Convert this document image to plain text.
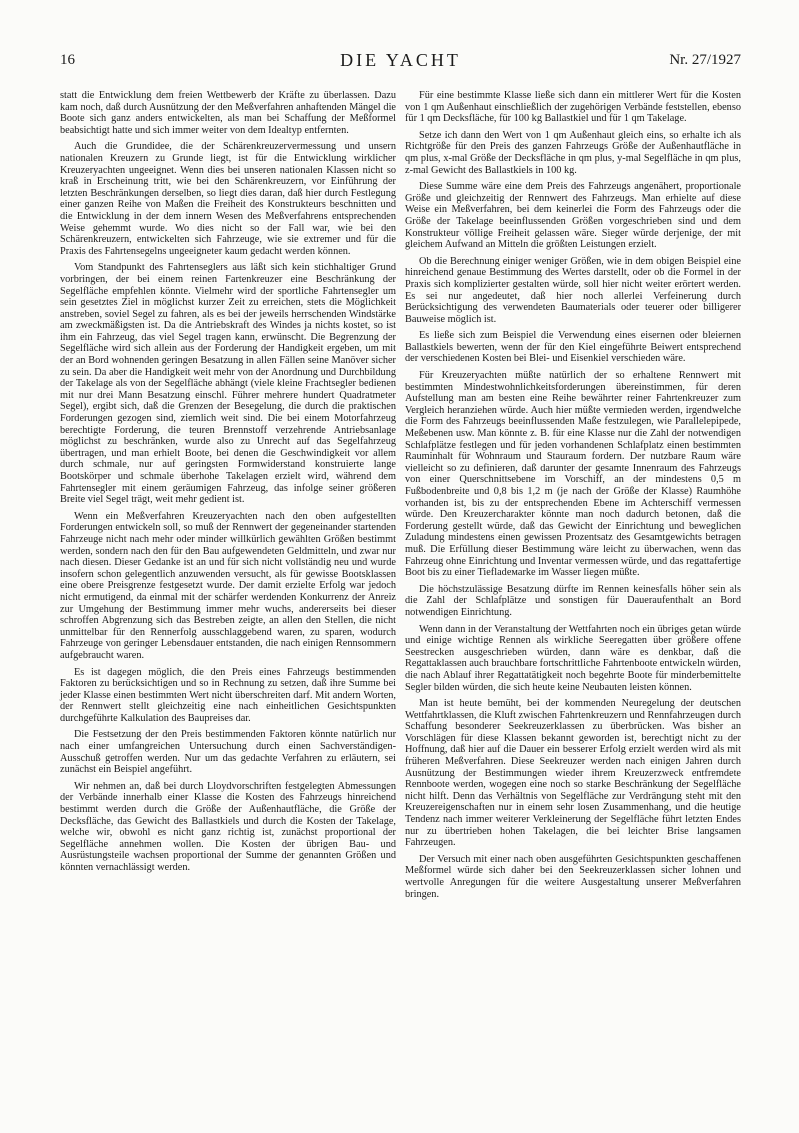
16	DIE YACHT	Nr. 27/1927

statt die Entwicklung dem freien Wettbewerb der Kräfte zu überlassen. Dazu kam noch, daß durch Ausnützung der den Meßverfahren anhaftenden Mängel die Boote sich ganz anders entwickelten, als man bei Schaffung der Meßformel beabsichtigt hatte und sich immer weiter von dem Idealtyp entfernten.

Auch die Grundidee, die der Schärenkreuzervermessung und unsern nationalen Kreuzern zu Grunde liegt, ist für die Entwicklung wirklicher Kreuzeryachten ungeeignet. Wenn dies bei unseren nationalen Klassen nicht so kraß in Erscheinung tritt, wie bei den Schärenkreuzern, vor Einführung der letzten Beschränkungen derselben, so liegt dies daran, daß hier durch Festlegung einer ganzen Reihe von Maßen die Freiheit des Konstrukteurs beschnitten und die Entwicklung in der dem innern Wesen des Meßverfahrens entsprechenden Weise gehemmt wurde. Wo dies nicht so der Fall war, wie bei den Schärenkreuzern, entwickelten sich Fahrzeuge, wie sie extremer und für die Praxis des Fahrtensegelns ungeeigneter kaum gedacht werden können.

Vom Standpunkt des Fahrtenseglers aus läßt sich kein stichhaltiger Grund vorbringen, der bei einem reinen Fartenkreuzer eine Beschränkung der Segelfläche empfehlen könnte. Vielmehr wird der sportliche Fahrtensegler um sein gesetztes Ziel in möglichst kurzer Zeit zu erreichen, stets die Möglichkeit anstreben, soviel Segel zu fahren, als es bei der jeweils herrschenden Windstärke am zweckmäßigsten ist. Da die Antriebskraft des Windes ja nichts kostet, so ist ihm ein Fahrzeug, das viel Segel tragen kann, erwünscht. Die Begrenzung der Segelfläche wird sich allein aus der Forderung der Handigkeit ergeben, um mit der an Bord wohnenden geringen Besatzung in allen Fällen seine Manöver sicher zu sein. Da aber die Handigkeit weit mehr von der Anordnung und Durchbildung der Takelage als von der Segelfläche abhängt (viele kleine Frachtsegler bedienen mit nur drei Mann Besatzung einschl. Führer mehrere hundert Quadratmeter Segel), ergibt sich, daß die Grenzen der Besegelung, die durch die praktischen Forderungen gezogen sind, ziemlich weit sind. Die bei einem Motorfahrzeug berechtigte Forderung, die teuren Brennstoff verzehrende Antriebsanlage möglichst zu beschränken, wurde also zu Unrecht auf das Segelfahrzeug übertragen, und man erhielt Boote, bei denen die Geschwindigkeit vor allem durch schmale, nur auf geringsten Formwiderstand konstruierte lange Bootskörper und schmale überhohe Takelagen erzielt wird, während dem Fahrtensegler mit einem geräumigen Fahrzeug, das infolge seiner größeren Breite viel Segel trägt, weit mehr gedient ist.

Wenn ein Meßverfahren Kreuzeryachten nach den oben aufgestellten Forderungen entwickeln soll, so muß der Rennwert der gegeneinander startenden Fahrzeuge nicht nach mehr oder minder willkürlich gewählten Größen bestimmt werden, sondern nach den für den Bau aufgewendeten Geldmitteln, und zwar nur nach diesen. Dieser Gedanke ist an und für sich nicht vollständig neu und wurde insofern schon gelegentlich anzuwenden versucht, als für gewisse Bootsklassen eine obere Preisgrenze festgesetzt wurde. Der damit erzielte Erfolg war jedoch nicht ermutigend, da einmal mit der schärfer werdenden Konkurrenz der Anreiz zur Umgehung der Bestimmung immer mehr wuchs, andererseits bei dieser schroffen Abgrenzung sich das Bestreben zeigte, an allen den Stellen, die nicht unmittelbar für den Rennerfolg ausschlaggebend waren, zu sparen, wodurch Fahrzeuge von geringer Lebensdauer entstanden, die nach einigen Rennsommern aufgebraucht waren.

Es ist dagegen möglich, die den Preis eines Fahrzeugs bestimmenden Faktoren zu berücksichtigen und so in Rechnung zu setzen, daß ihre Summe bei jeder Klasse einen bestimmten Wert nicht überschreiten darf. Mit andern Worten, der Rennwert stellt gleichzeitig eine nach einheitlichen Gesichtspunkten durchgeführte Kalkulation des Baupreises dar.

Die Festsetzung der den Preis bestimmenden Faktoren könnte natürlich nur nach einer umfangreichen Untersuchung durch einen Sachverständigen-Ausschuß getroffen werden. Nur um das gedachte Verfahren zu erläutern, sei zunächst ein Beispiel angeführt.

Wir nehmen an, daß bei durch Lloydvorschriften festgelegten Abmessungen der Verbände innerhalb einer Klasse die Kosten des Fahrzeugs hinreichend bestimmt werden durch die Größe der Außenhautfläche, die Größe der Decksfläche, das Gewicht des Ballastkiels und durch die Kosten der Takelage, welche wir, obwohl es nicht ganz richtig ist, zunächst proportional der Segelfläche annehmen wollen. Die Kosten der übrigen Bau- und Ausrüstungsteile wachsen proportional der Summe der genannten Größen und könnten vernachlässigt werden.

Für eine bestimmte Klasse ließe sich dann ein mittlerer Wert für die Kosten von 1 qm Außenhaut einschließlich der zugehörigen Verbände feststellen, ebenso für 1 qm Decksfläche, für 100 kg Ballastkiel und für 1 qm Takelage.

Setze ich dann den Wert von 1 qm Außenhaut gleich eins, so erhalte ich als Richtgröße für den Preis des ganzen Fahrzeugs Größe der Außenhautfläche in qm plus, x-mal Größe der Decksfläche in qm plus, y-mal Segelfläche in qm plus, z-mal Gewicht des Ballastkiels in 100 kg.

Diese Summe wäre eine dem Preis des Fahrzeugs angenähert, proportionale Größe und gleichzeitig der Rennwert des Fahrzeugs. Man erhielte auf diese Weise ein Meßverfahren, bei dem keinerlei die Form des Fahrzeugs oder die Größe der Takelage beeinflussenden Größen vorgeschrieben sind und dem Konstrukteur völlige Freiheit gelassen wäre. Sieger würde derjenige, der mit gleichem Aufwand an Mitteln die größten Leistungen erzielt.

Ob die Berechnung einiger weniger Größen, wie in dem obigen Beispiel eine hinreichend genaue Bestimmung des Wertes darstellt, oder ob die Formel in der Praxis sich komplizierter gestalten würde, soll hier nicht weiter erörtert werden. Es sei nur angedeutet, daß hier noch allerlei Verfeinerung durch Berücksichtigung des verwendeten Baumaterials oder teuerer oder billigerer Bauweise möglich ist.

Es ließe sich zum Beispiel die Verwendung eines eisernen oder bleiernen Ballastkiels bewerten, wenn der für den Kiel eingeführte Beiwert entsprechend der verschiedenen Kosten bei Blei- und Eisenkiel verschieden wäre.

Für Kreuzeryachten müßte natürlich der so erhaltene Rennwert mit bestimmten Mindestwohnlichkeitsforderungen übereinstimmen, für deren Aufstellung man am besten eine Reihe bewährter reiner Fahrtenkreuzer zum Vergleich heranziehen würde. Auch hier müßte vermieden werden, irgendwelche die Form des Fahrzeugs beeinflussenden Maße festzulegen, wie Parallelepipede, Meßebenen usw. Man könnte z. B. für eine Klasse nur die Zahl der notwendigen Schlafplätze festlegen und für jeden vorhandenen Schlafplatz einen bestimmten Rauminhalt für Wohnraum und Stauraum fordern. Der nutzbare Raum wäre vielleicht so zu definieren, daß darunter der gesamte Innenraum des Fahrzeugs von einer Querschnittsebene im Vorschiff, an der mindestens 0,5 m Fußbodenbreite und 0,8 bis 1,2 m (je nach der Größe der Klasse) Raumhöhe vorhanden ist, bis zu der entsprechenden Ebene im Achterschiff vermessen würde. Den Kreuzercharakter könnte man noch dadurch betonen, daß die Forderung gestellt würde, daß das Gewicht der Einrichtung und beweglichen Zuladung mindestens einen gewissen Prozentsatz des Gesamtgewichts betragen muß. Die Erfüllung dieser Bestimmung wäre leicht zu überwachen, wenn das Fahrzeug ohne Einrichtung und Inventar vermessen würde, und das regattafertige Boot bis zu einer Tiefladемarke im Wasser liegen müßte.

Die höchstzulässige Besatzung dürfte im Rennen keinesfalls höher sein als die Zahl der Schlafplätze und sonstigen für Daueraufenthalt an Bord notwendigen Einrichtung.

Wenn dann in der Veranstaltung der Wettfahrten noch ein übriges getan würde und einige wichtige Rennen als wirkliche Seeregatten über größere offene Seestrecken ausgeschrieben würden, dann wäre es denkbar, daß die Regattaklassen auch brauchbare fortschrittliche Fahrtenboote entwickeln würden, die nach Ablauf ihrer Regattatätigkeit noch begehrte Boote für minderbemittelte Segler bilden würden, die sich heute keine Neubauten leisten können.

Man ist heute bemüht, bei der kommenden Neuregelung der deutschen Wettfahrtklassen, die Kluft zwischen Fahrtenkreuzern und Rennfahrzeugen durch Schaffung besonderer Seekreuzerklassen zu überbrücken. Was bisher an Vorschlägen für diese Klassen bekannt geworden ist, berechtigt nicht zu der Hoffnung, daß hier auf die Dauer ein besserer Erfolg erzielt werden wird als mit früheren Meßverfahren. Diese Seekreuzer werden nach einigen Jahren durch Ausnützung der Bestimmungen wieder ihrem Kreuzerzweck entfremdete Rennboote werden, wogegen eine noch so starke Beschränkung der Segelfläche nicht hilft. Denn das Verhältnis von Segelfläche zur Verdrängung steht mit den Kreuzereigenschaften nur in einem sehr losen Zusammenhang, und die heutige Tendenz nach immer weiterer Verkleinerung der Segelfläche führt letzten Endes nur zu übertrieben hohen Takelagen, die bei leichter Brise langsamen Fahrzeugen.

Der Versuch mit einer nach oben ausgeführten Gesichtspunkten geschaffenen Meßformel würde sich daher bei den Seekreuzerklassen sicher lohnen und wertvolle Anregungen für die weitere Ausgestaltung unserer Meßverfahren bringen.
